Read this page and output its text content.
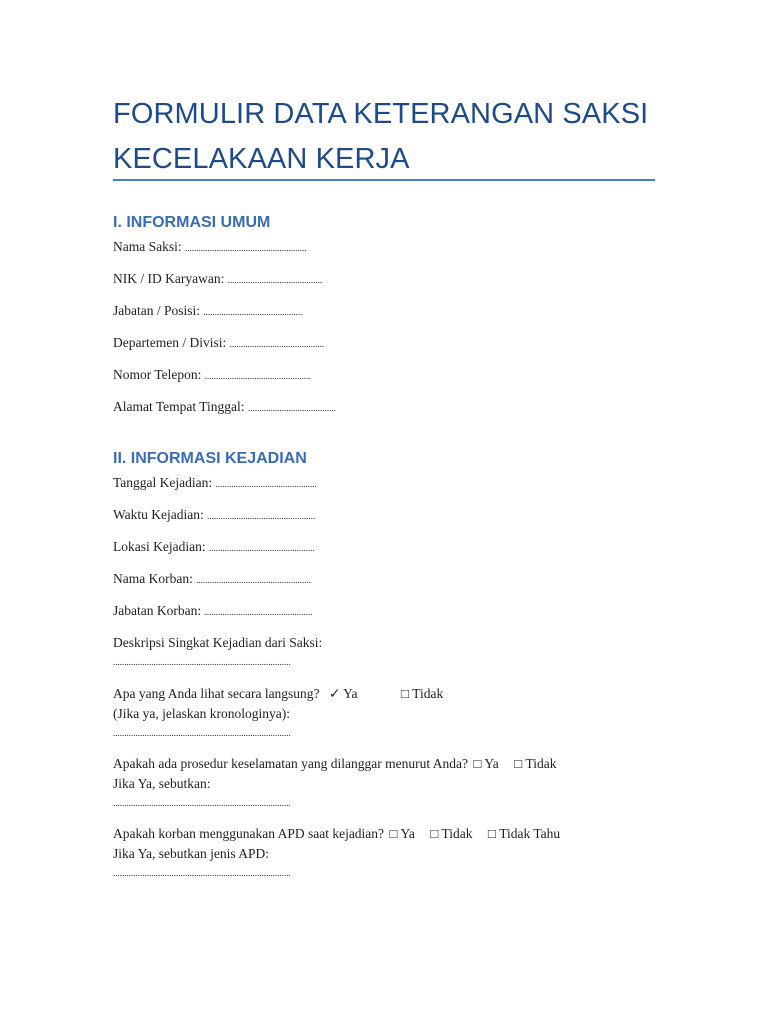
FORMULIR DATA KETERANGAN SAKSI
KECELAKAAN KERJA
I. INFORMASI UMUM
Nama Saksi: ......................................................
NIK / ID Karyawan: ..........................................
Jabatan / Posisi: ............................................
Departemen / Divisi: ..........................................
Nomor Telepon: ...............................................
Alamat Tempat Tinggal: .......................................
II. INFORMASI KEJADIAN
Tanggal Kejadian: .............................................
Waktu Kejadian: ................................................
Lokasi Kejadian: ...............................................
Nama Korban: ...................................................
Jabatan Korban: ................................................
Deskripsi Singkat Kejadian dari Saksi:
...............................................................................
Apa yang Anda lihat secara langsung? ✓ Ya	□ Tidak
(Jika ya, jelaskan kronologinya):
...............................................................................
Apakah ada prosedur keselamatan yang dilanggar menurut Anda? □ Ya □ Tidak
Jika Ya, sebutkan:
...............................................................................
Apakah korban menggunakan APD saat kejadian? □ Ya □ Tidak □ Tidak Tahu
Jika Ya, sebutkan jenis APD:
...............................................................................
